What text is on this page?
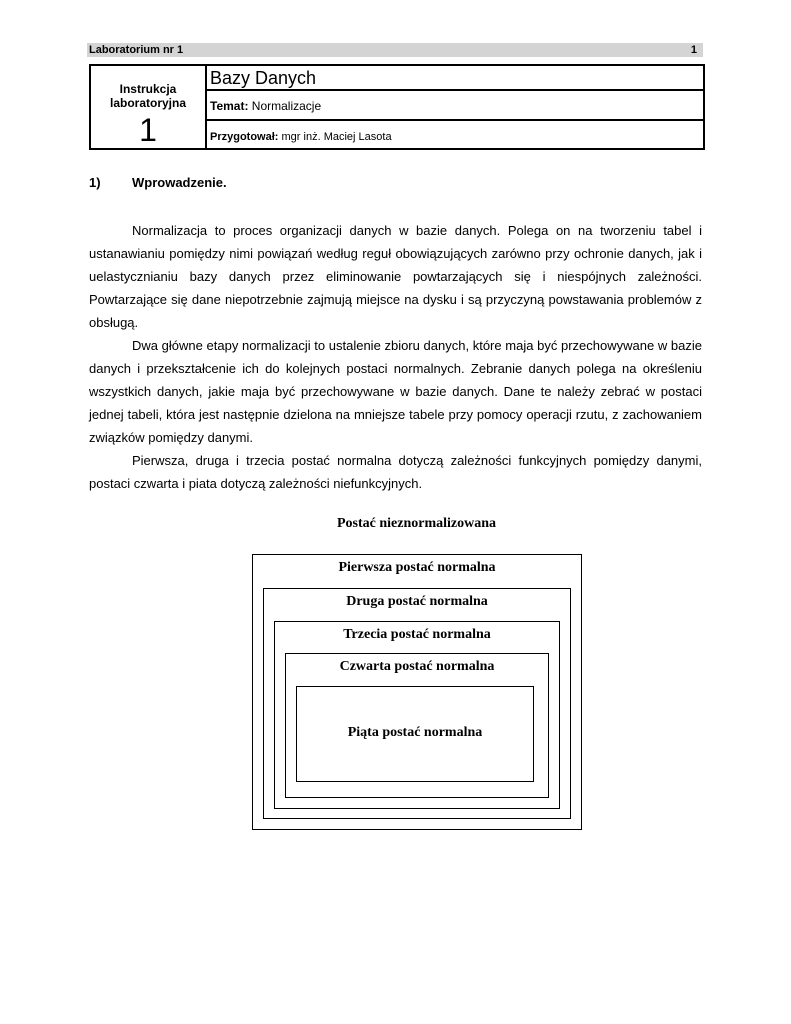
Laboratorium nr 1	1
Instrukcja
laboratoryjna
1
Bazy Danych
Temat: Normalizacje
Przygotował: mgr inż. Maciej Lasota
1) Wprowadzenie.

Normalizacja to proces organizacji danych w bazie danych. Polega on na tworzeniu tabel i ustanawianiu pomiędzy nimi powiązań według reguł obowiązujących zarówno przy ochronie danych, jak i uelastycznianiu bazy danych przez eliminowanie powtarzających się i niespójnych zależności. Powtarzające się dane niepotrzebnie zajmują miejsce na dysku i są przyczyną powstawania problemów z obsługą.

Dwa główne etapy normalizacji to ustalenie zbioru danych, które maja być przechowywane w bazie danych i przekształcenie ich do kolejnych postaci normalnych. Zebranie danych polega na określeniu wszystkich danych, jakie maja być przechowywane w bazie danych. Dane te należy zebrać w postaci jednej tabeli, która jest następnie dzielona na mniejsze tabele przy pomocy operacji rzutu, z zachowaniem związków pomiędzy danymi.

Pierwsza, druga i trzecia postać normalna dotyczą zależności funkcyjnych pomiędzy danymi, postaci czwarta i piata dotyczą zależności niefunkcyjnych.

Postać nieznormalizowana
Pierwsza postać normalna
Druga postać normalna
Trzecia postać normalna
Czwarta postać normalna
Piąta postać normalna
